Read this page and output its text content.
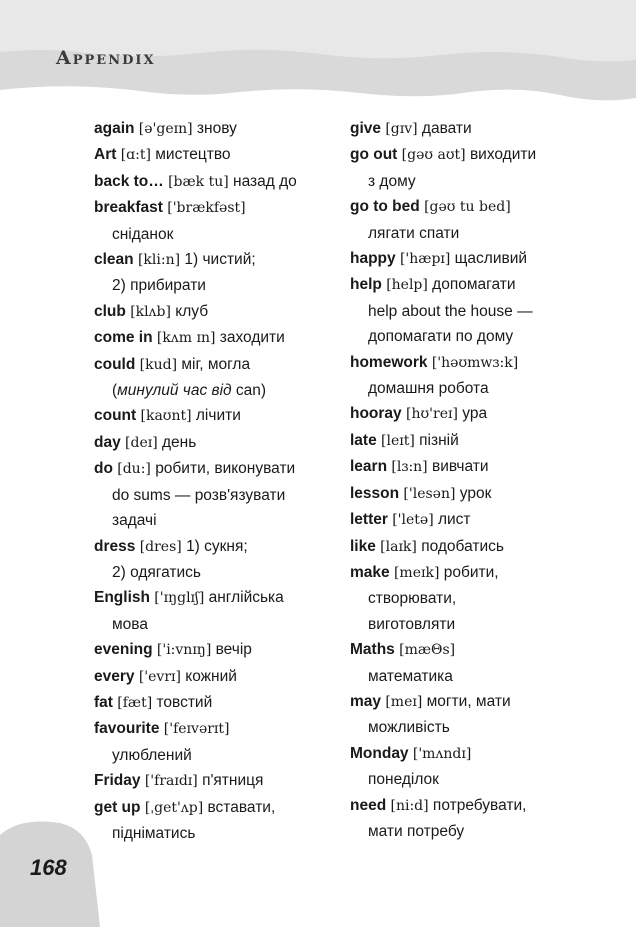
Appendix
168
again [ə'geɪn] знову
Art [ɑ:t] мистецтво
back to… [bæk tu] назад до
breakfast ['brækfəst]
сніданок
clean [kli:n] 1) чистий;
2) прибирати
club [klʌb] клуб
come in [kʌm ɪn] заходити
could [kud] міг, могла
(минулий час від can)
count [kaʊnt] лічити
day [deɪ] день
do [du:] робити, виконувати
do sums — розв'язувати
задачі
dress [dres] 1) сукня;
2) одягатись
English ['ɪŋglɪʃ] англійська
мова
evening ['i:vnɪŋ] вечір
every ['evrɪ] кожний
fat [fæt] товстий
favourite ['feɪvərɪt]
улюблений
Friday ['fraɪdɪ] п'ятниця
get up [ˌget'ʌp] вставати,
підніматись
give [gɪv] давати
go out [gəʊ aʊt] виходити
з дому
go to bed [gəʊ tu bed]
лягати спати
happy ['hæpɪ] щасливий
help [help] допомагати
help about the house —
допомагати по дому
homework ['həʊmwɜ:k]
домашня робота
hooray [hʊ'reɪ] ура
late [leɪt] пізній
learn [lɜ:n] вивчати
lesson ['lesən] урок
letter ['letə] лист
like [laɪk] подобатись
make [meɪk] робити,
створювати,
виготовляти
Maths [mæΘs]
математика
may [meɪ] могти, мати
можливість
Monday ['mʌndɪ]
понеділок
need [ni:d] потребувати,
мати потребу
